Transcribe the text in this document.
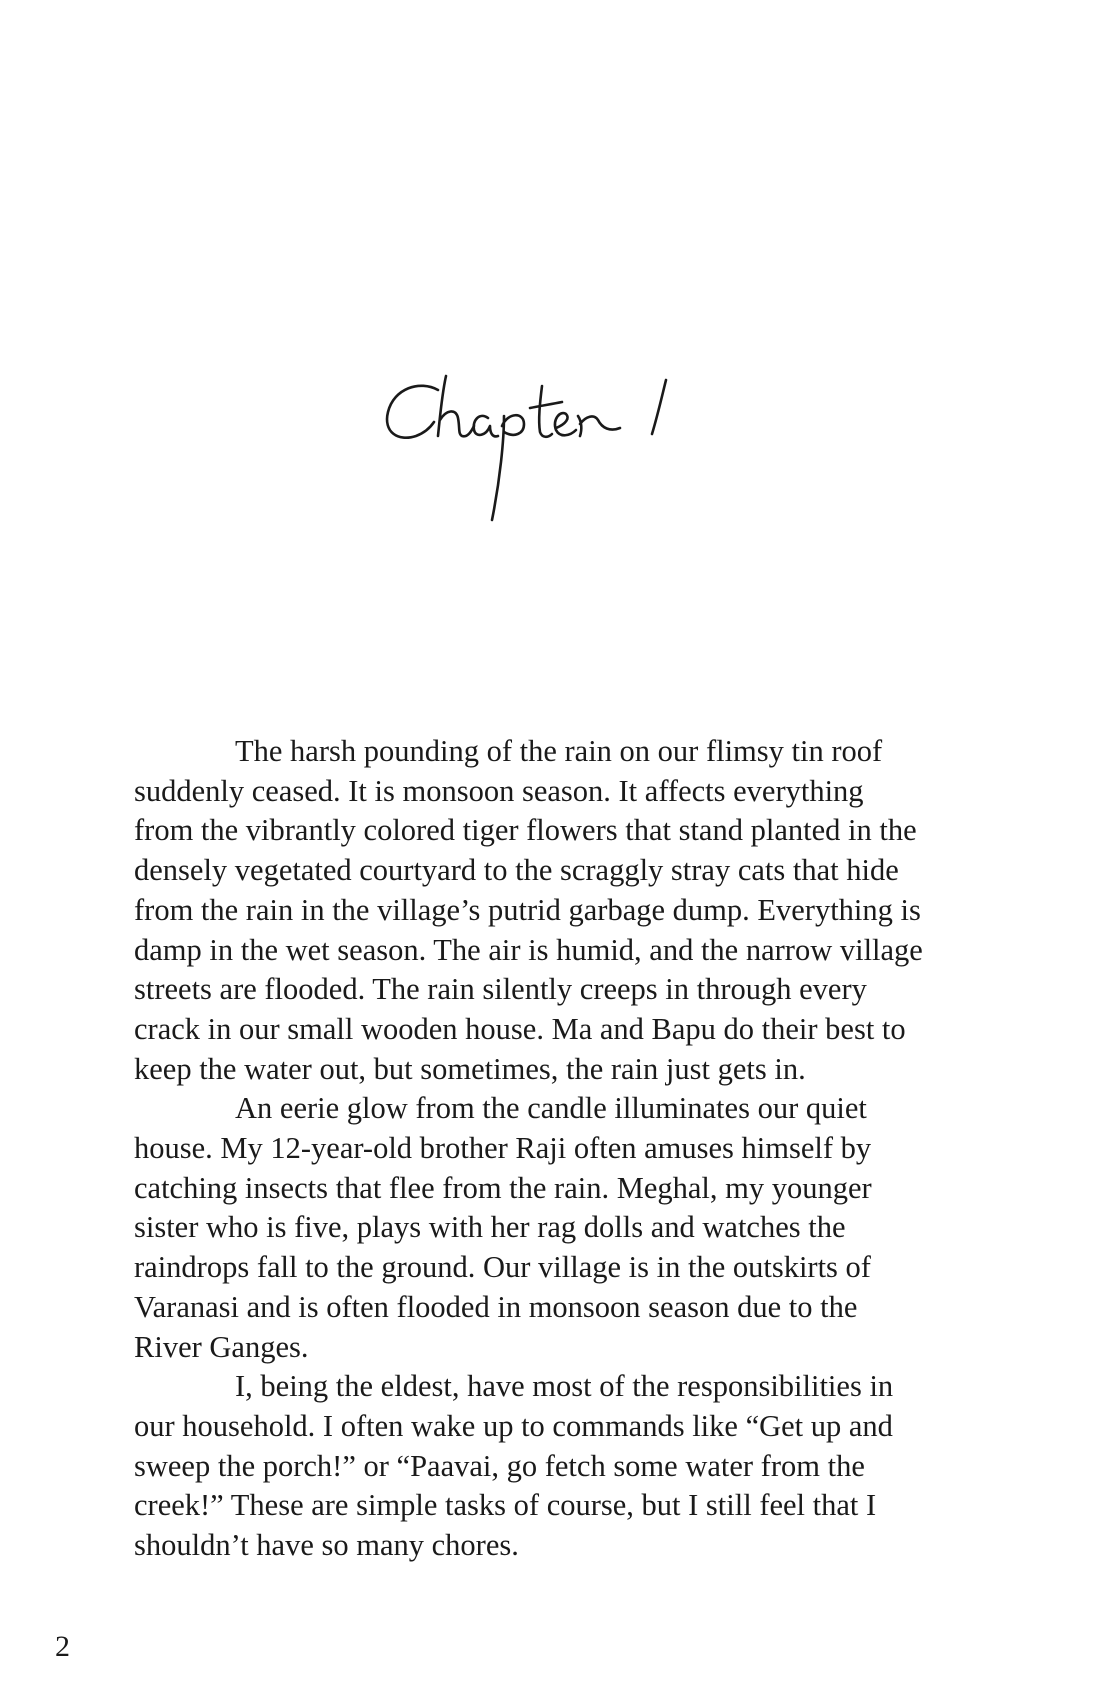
The harsh pounding of the rain on our flimsy tin roof
suddenly ceased. It is monsoon season. It affects everything
from the vibrantly colored tiger flowers that stand planted in the
densely vegetated courtyard to the scraggly stray cats that hide
from the rain in the village’s putrid garbage dump. Everything is
damp in the wet season. The air is humid, and the narrow village
streets are flooded. The rain silently creeps in through every
crack in our small wooden house. Ma and Bapu do their best to
keep the water out, but sometimes, the rain just gets in.

An eerie glow from the candle illuminates our quiet
house. My 12-year-old brother Raji often amuses himself by
catching insects that flee from the rain. Meghal, my younger
sister who is five, plays with her rag dolls and watches the
raindrops fall to the ground. Our village is in the outskirts of
Varanasi and is often flooded in monsoon season due to the
River Ganges.

I, being the eldest, have most of the responsibilities in
our household. I often wake up to commands like “Get up and
sweep the porch!” or “Paavai, go fetch some water from the
creek!” These are simple tasks of course, but I still feel that I
shouldn’t have so many chores.

2
